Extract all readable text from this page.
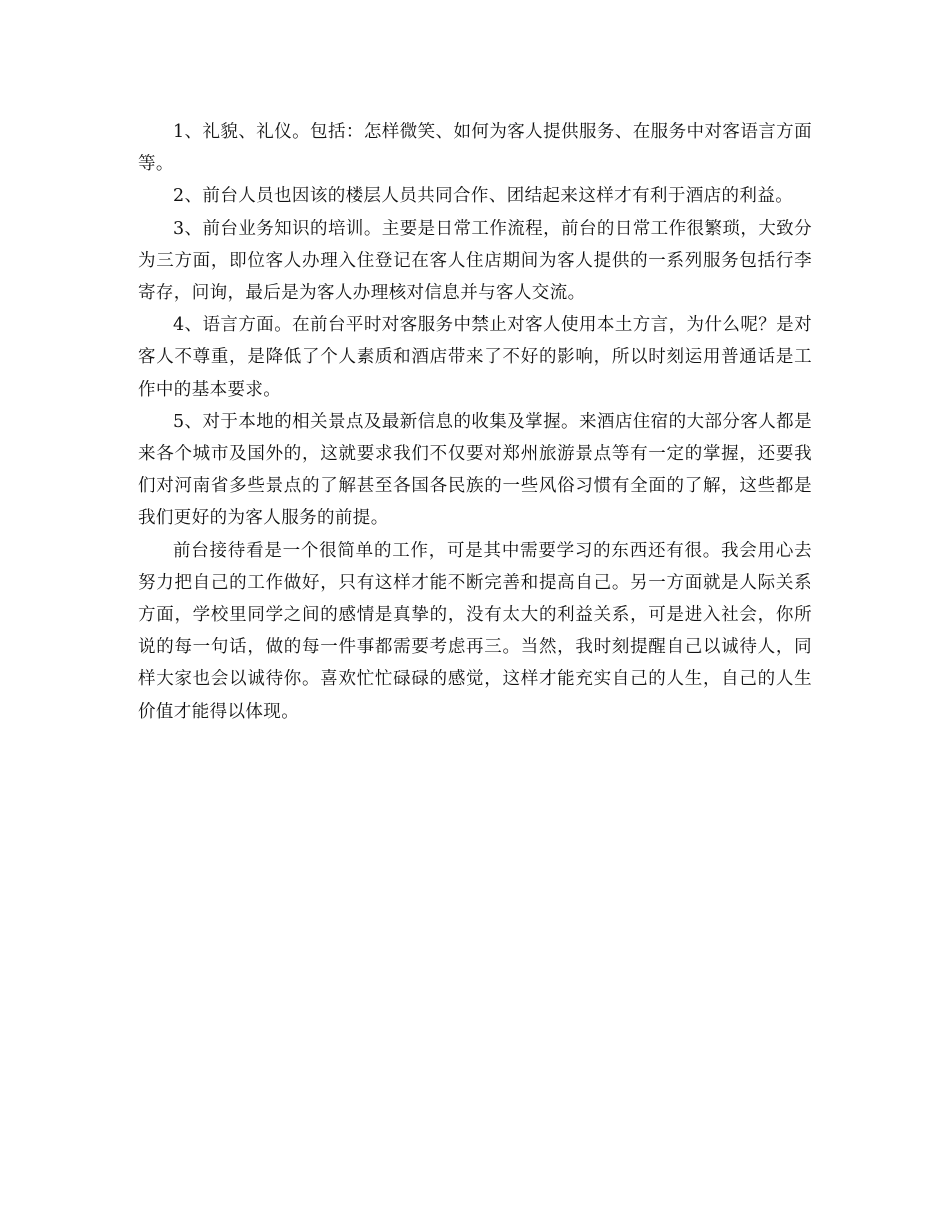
1、礼貌、礼仪。包括：怎样微笑、如何为客人提供服务、在服务中对客语言方面等。

2、前台人员也因该的楼层人员共同合作、团结起来这样才有利于酒店的利益。

3、前台业务知识的培训。主要是日常工作流程，前台的日常工作很繁琐，大致分为三方面，即位客人办理入住登记在客人住店期间为客人提供的一系列服务包括行李寄存，问询，最后是为客人办理核对信息并与客人交流。

4、语言方面。在前台平时对客服务中禁止对客人使用本土方言，为什么呢？是对客人不尊重，是降低了个人素质和酒店带来了不好的影响，所以时刻运用普通话是工作中的基本要求。

5、对于本地的相关景点及最新信息的收集及掌握。来酒店住宿的大部分客人都是来各个城市及国外的，这就要求我们不仅要对郑州旅游景点等有一定的掌握，还要我们对河南省多些景点的了解甚至各国各民族的一些风俗习惯有全面的了解，这些都是我们更好的为客人服务的前提。

前台接待看是一个很简单的工作，可是其中需要学习的东西还有很。我会用心去努力把自己的工作做好，只有这样才能不断完善和提高自己。另一方面就是人际关系方面，学校里同学之间的感情是真挚的，没有太大的利益关系，可是进入社会，你所说的每一句话，做的每一件事都需要考虑再三。当然，我时刻提醒自己以诚待人，同样大家也会以诚待你。喜欢忙忙碌碌的感觉，这样才能充实自己的人生，自己的人生价值才能得以体现。
